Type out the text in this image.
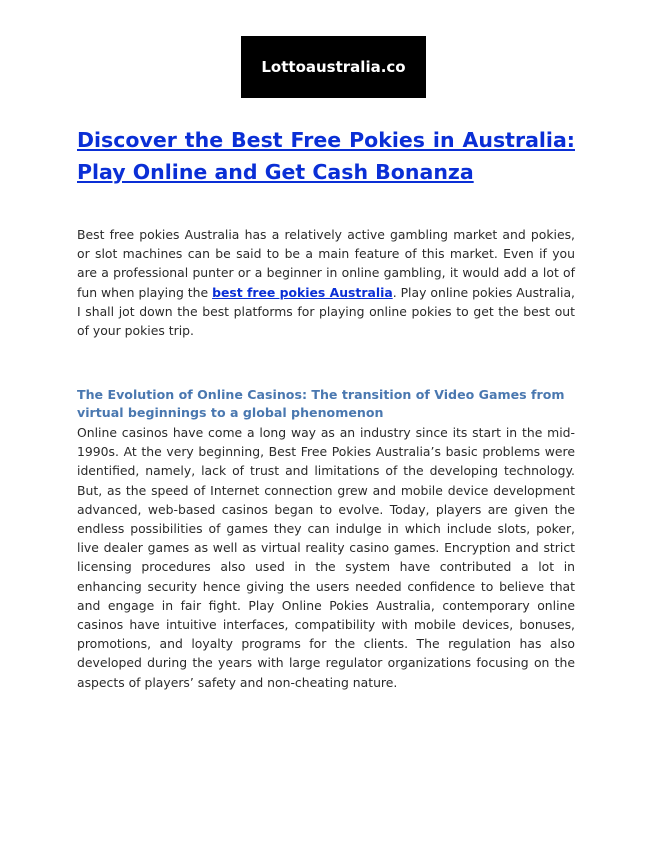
Lottoaustralia.co
Discover the Best Free Pokies in Australia: Play Online and Get Cash Bonanza

Best free pokies Australia has a relatively active gambling market and pokies, or slot machines can be said to be a main feature of this market. Even if you are a professional punter or a beginner in online gambling, it would add a lot of fun when playing the best free pokies Australia. Play online pokies Australia, I shall jot down the best platforms for playing online pokies to get the best out of your pokies trip.

The Evolution of Online Casinos: The transition of Video Games from virtual beginnings to a global phenomenon

Online casinos have come a long way as an industry since its start in the mid-1990s. At the very beginning, Best Free Pokies Australia’s basic problems were identified, namely, lack of trust and limitations of the developing technology. But, as the speed of Internet connection grew and mobile device development advanced, web-based casinos began to evolve. Today, players are given the endless possibilities of games they can indulge in which include slots, poker, live dealer games as well as virtual reality casino games. Encryption and strict licensing procedures also used in the system have contributed a lot in enhancing security hence giving the users needed confidence to believe that and engage in fair fight. Play Online Pokies Australia, contemporary online casinos have intuitive interfaces, compatibility with mobile devices, bonuses, promotions, and loyalty programs for the clients. The regulation has also developed during the years with large regulator organizations focusing on the aspects of players’ safety and non-cheating nature.
